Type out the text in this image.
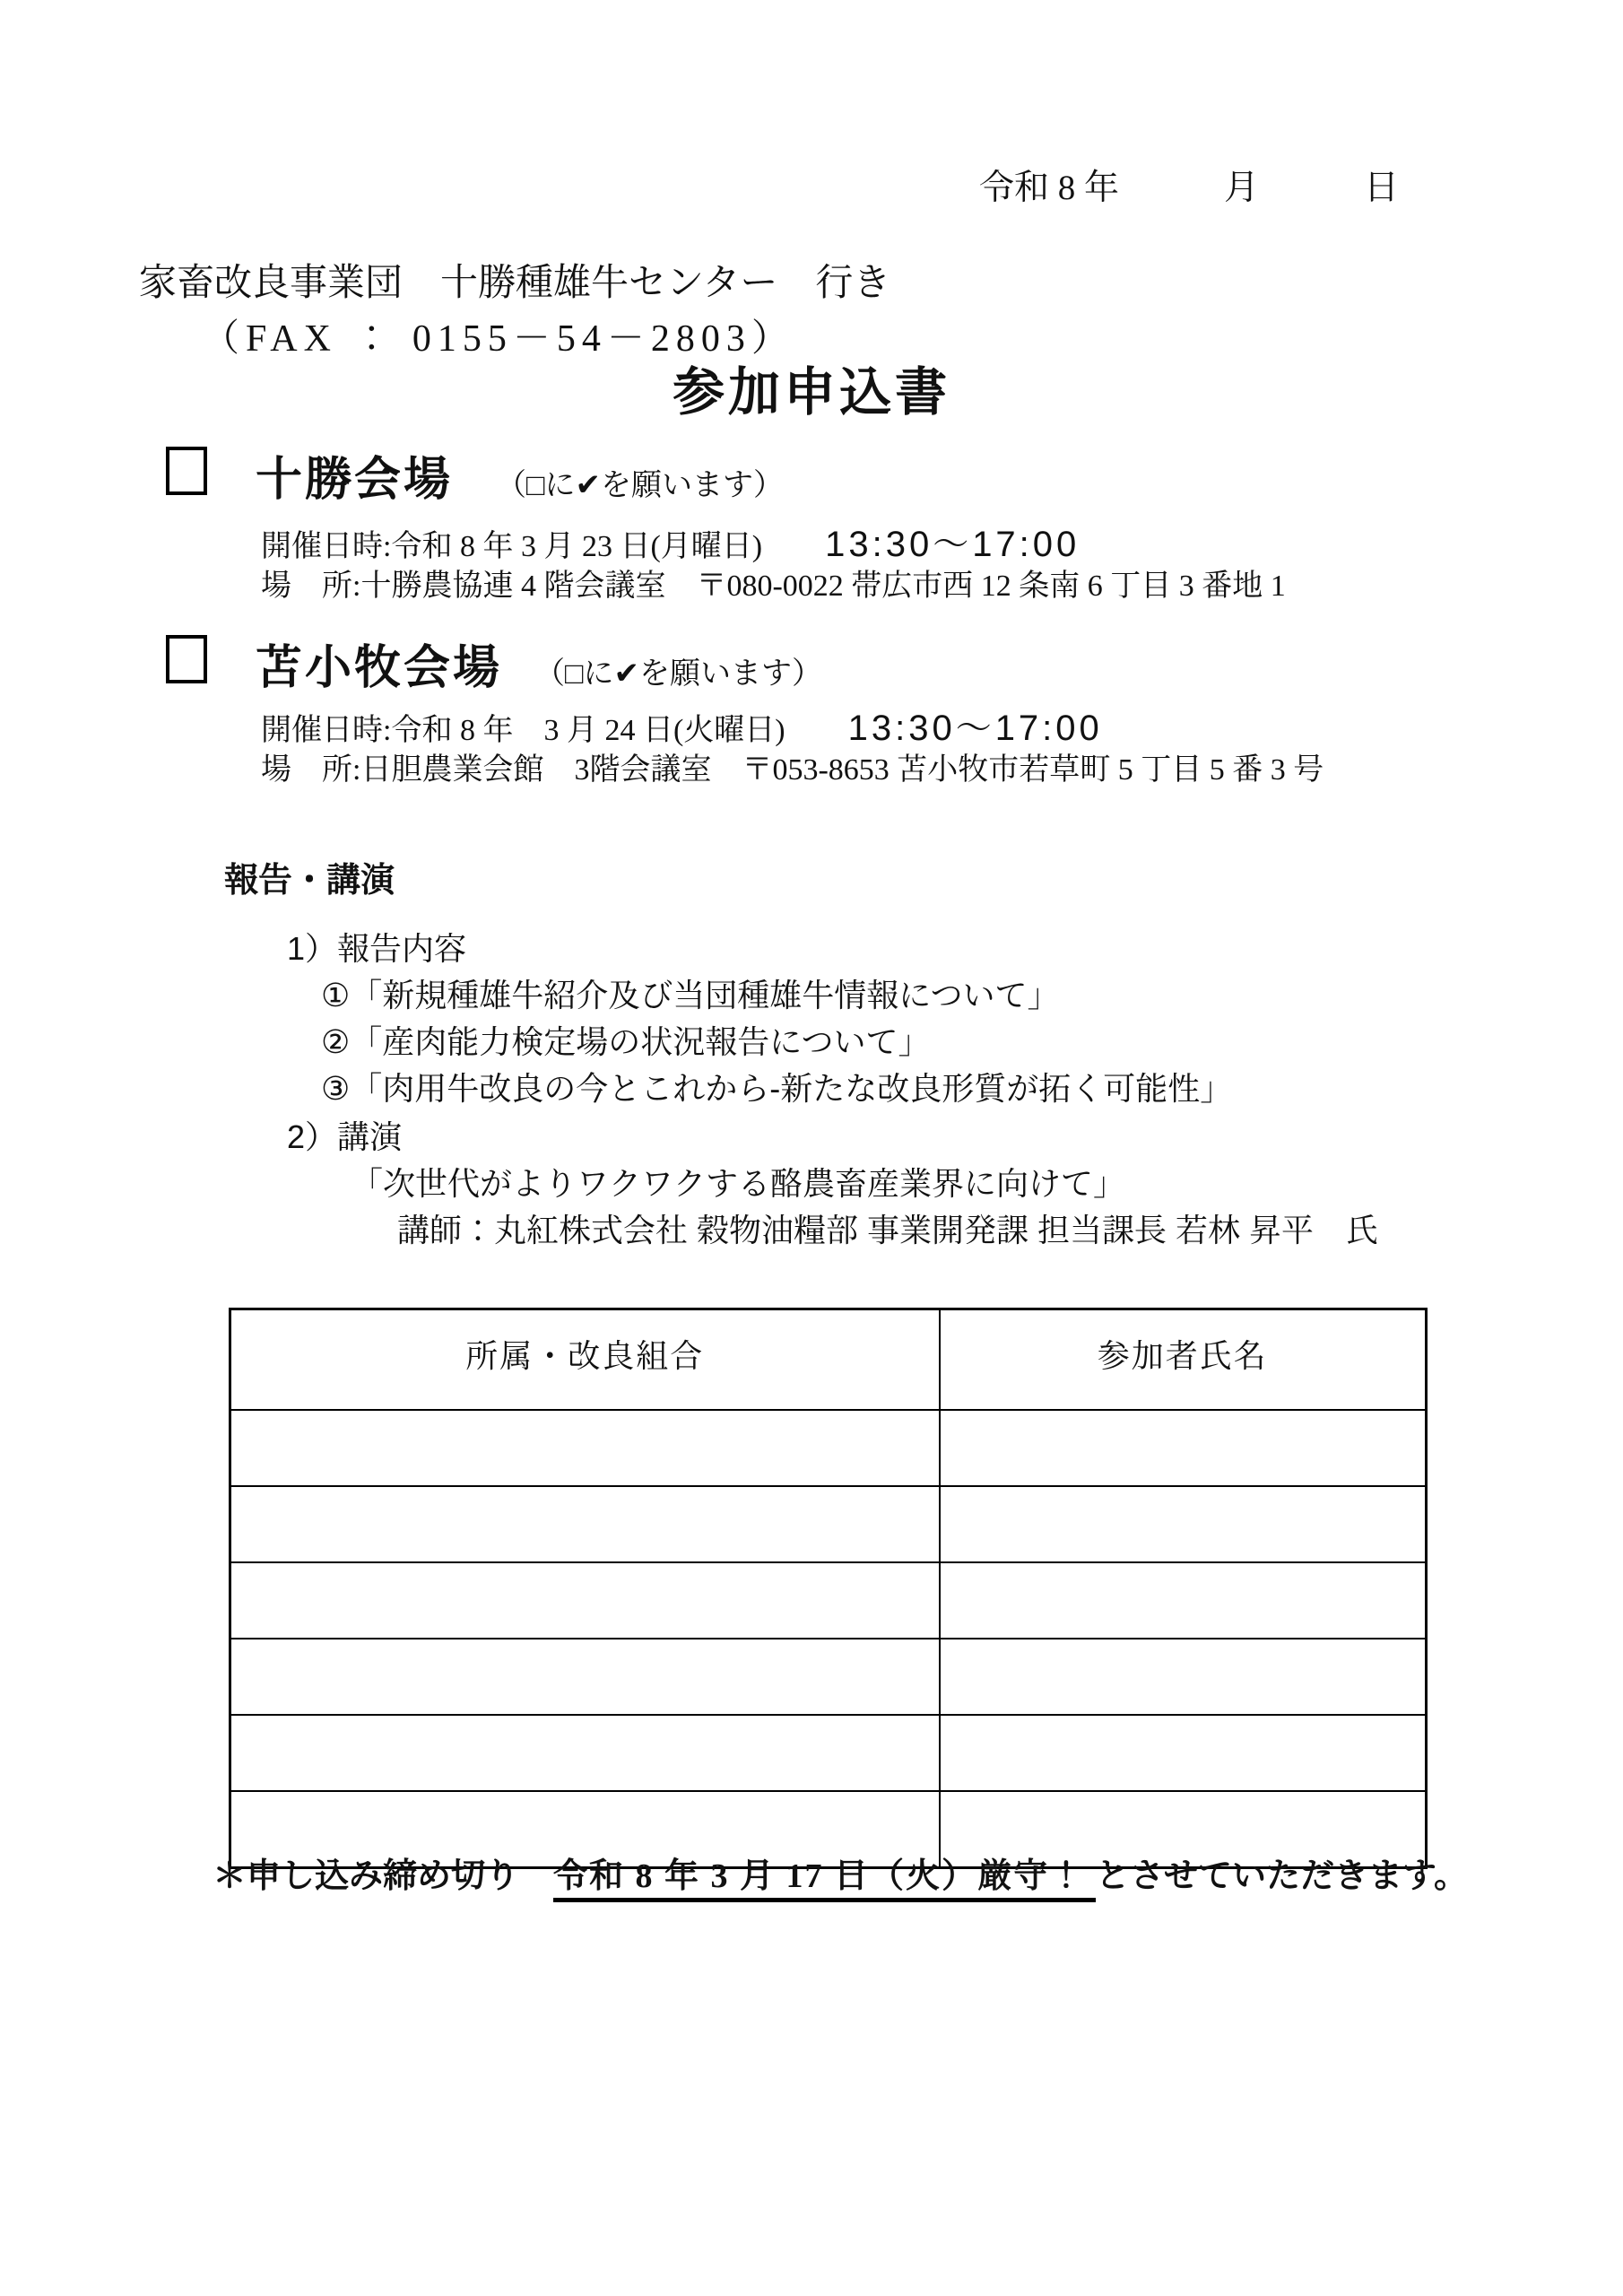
令和 8 年　　　月　　　日
家畜改良事業団　十勝種雄牛センター　行き
（FAX ： 0155－54－2803）
参加申込書
十勝会場 （□に✔を願います）
開催日時:令和 8 年 3 月 23 日(月曜日) 13:30～17:00
場　所:十勝農協連 4 階会議室　〒080-0022 帯広市西 12 条南 6 丁目 3 番地 1
苫小牧会場 （□に✔を願います）
開催日時:令和 8 年　3 月 24 日(火曜日) 13:30～17:00
場　所:日胆農業会館　3階会議室　〒053-8653 苫小牧市若草町 5 丁目 5 番 3 号
報告・講演
1）報告内容
①「新規種雄牛紹介及び当団種雄牛情報について」
②「産肉能力検定場の状況報告について」
③「肉用牛改良の今とこれから-新たな改良形質が拓く可能性」
2）講演
「次世代がよりワクワクする酪農畜産業界に向けて」
講師：丸紅株式会社 穀物油糧部 事業開発課 担当課長 若林 昇平　氏

所属・改良組合	参加者氏名

＊申し込み締め切り　令和 8 年 3 月 17 日（火）厳守！ とさせていただきます。
